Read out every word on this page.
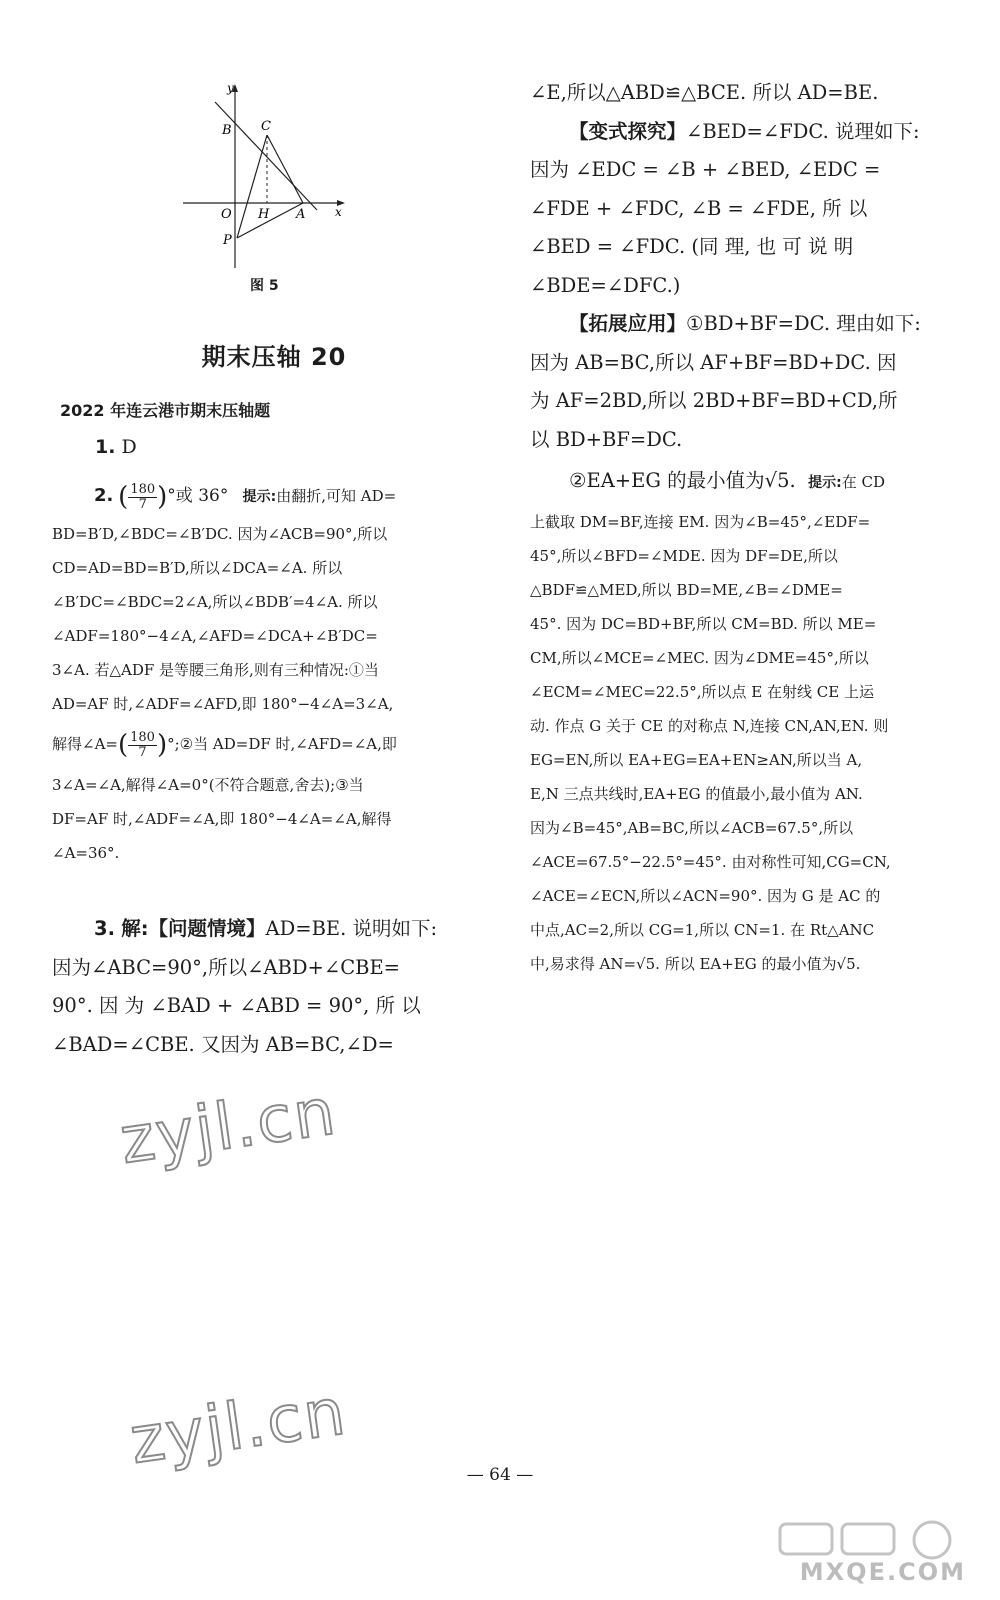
y
x
B C
O H A
P
图 5
期末压轴 20
2022 年连云港市期末压轴题
1. D

2. ( $\frac{180}{7}$ )°或 36° 提示:由翻折,可知 AD=

BD=B′D,∠BDC=∠B′DC. 因为∠ACB=90°,所以

CD=AD=BD=B′D,所以∠DCA=∠A. 所以

∠B′DC=∠BDC=2∠A,所以∠BDB′=4∠A. 所以

∠ADF=180°−4∠A,∠AFD=∠DCA+∠B′DC=

3∠A. 若△ADF 是等腰三角形,则有三种情况:①当

AD=AF 时,∠ADF=∠AFD,即 180°−4∠A=3∠A,

解得∠A=( $\frac{180}{7}$ )°;②当 AD=DF 时,∠AFD=∠A,即

3∠A=∠A,解得∠A=0°(不符合题意,舍去);③当

DF=AF 时,∠ADF=∠A,即 180°−4∠A=∠A,解得

∠A=36°.

3. 解:【问题情境】AD=BE. 说明如下:

因为∠ABC=90°,所以∠ABD+∠CBE=

90°. 因 为 ∠BAD + ∠ABD = 90°, 所 以

∠BAD=∠CBE. 又因为 AB=BC,∠D=

∠E,所以△ABD≌△BCE. 所以 AD=BE.

【变式探究】∠BED=∠FDC. 说理如下:

因为 ∠EDC = ∠B + ∠BED, ∠EDC =

∠FDE + ∠FDC, ∠B = ∠FDE, 所 以

∠BED = ∠FDC. (同 理, 也 可 说 明

∠BDE=∠DFC.)

【拓展应用】①BD+BF=DC. 理由如下:

因为 AB=BC,所以 AF+BF=BD+DC. 因

为 AF=2BD,所以 2BD+BF=BD+CD,所

以 BD+BF=DC.

②EA+EG 的最小值为√5. 提示:在 CD

上截取 DM=BF,连接 EM. 因为∠B=45°,∠EDF=

45°,所以∠BFD=∠MDE. 因为 DF=DE,所以

△BDF≌△MED,所以 BD=ME,∠B=∠DME=

45°. 因为 DC=BD+BF,所以 CM=BD. 所以 ME=

CM,所以∠MCE=∠MEC. 因为∠DME=45°,所以

∠ECM=∠MEC=22.5°,所以点 E 在射线 CE 上运

动. 作点 G 关于 CE 的对称点 N,连接 CN,AN,EN. 则

EG=EN,所以 EA+EG=EA+EN≥AN,所以当 A,

E,N 三点共线时,EA+EG 的值最小,最小值为 AN.

因为∠B=45°,AB=BC,所以∠ACB=67.5°,所以

∠ACE=67.5°−22.5°=45°. 由对称性可知,CG=CN,

∠ACE=∠ECN,所以∠ACN=90°. 因为 G 是 AC 的

中点,AC=2,所以 CG=1,所以 CN=1. 在 Rt△ANC

中,易求得 AN=√5. 所以 EA+EG 的最小值为√5.

zyjl.cn
zyjl.cn	— 64 —
MXQE.COM
